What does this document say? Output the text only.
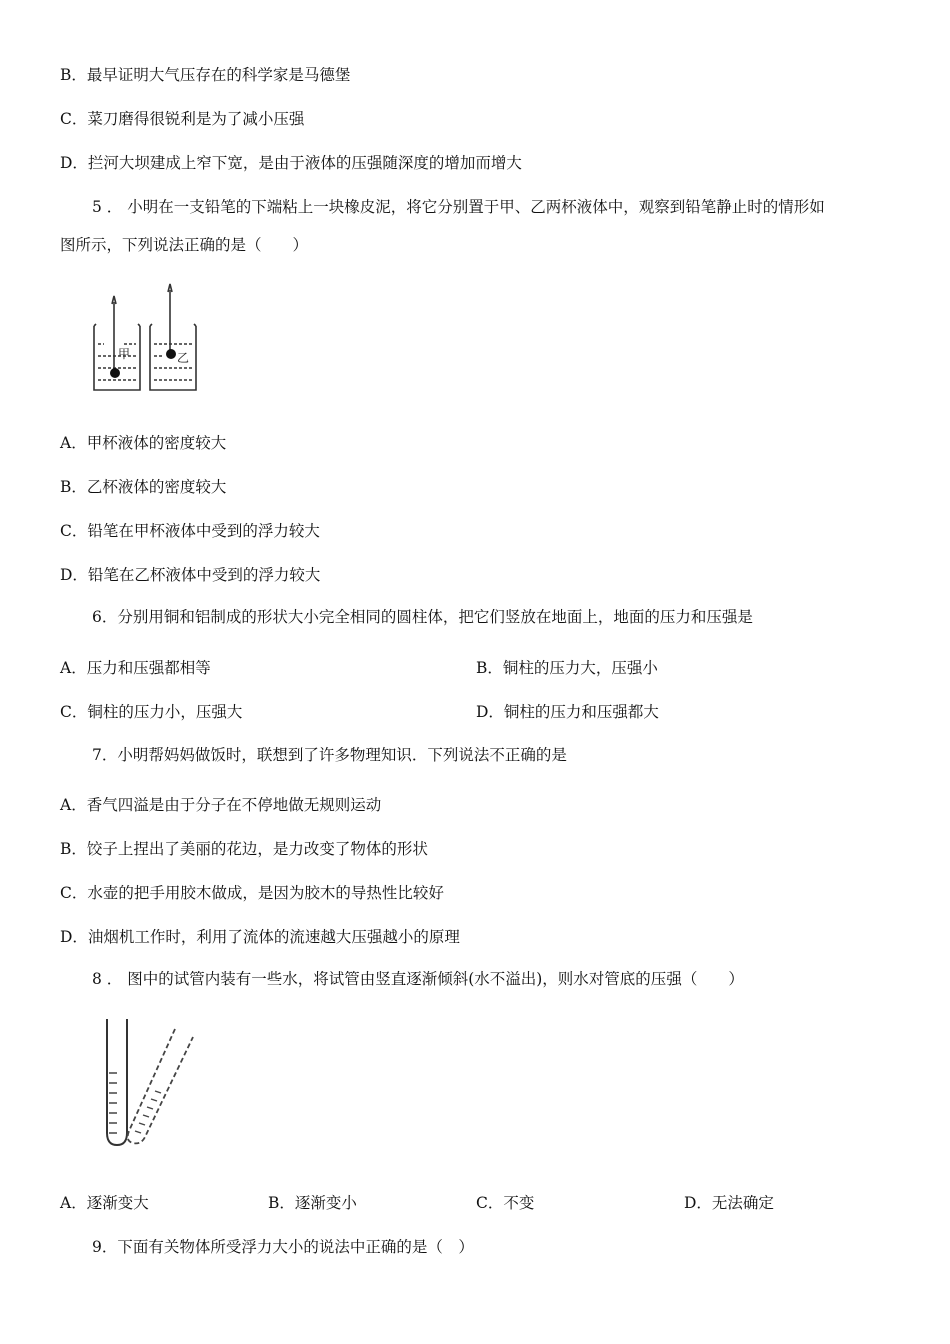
B．最早证明大气压存在的科学家是马德堡
C．菜刀磨得很锐利是为了减小压强
D．拦河大坝建成上窄下宽，是由于液体的压强随深度的增加而增大
5 ． 小明在一支铅笔的下端粘上一块橡皮泥，将它分别置于甲、乙两杯液体中，观察到铅笔静止时的情形如
图所示，下列说法正确的是（　　）
甲	乙
A．甲杯液体的密度较大
B．乙杯液体的密度较大
C．铅笔在甲杯液体中受到的浮力较大
D．铅笔在乙杯液体中受到的浮力较大
6．分别用铜和铝制成的形状大小完全相同的圆柱体，把它们竖放在地面上，地面的压力和压强是
A．压力和压强都相等	B．铜柱的压力大，压强小
C．铜柱的压力小，压强大	D．铜柱的压力和压强都大
7．小明帮妈妈做饭时，联想到了许多物理知识．下列说法不正确的是
A．香气四溢是由于分子在不停地做无规则运动
B．饺子上捏出了美丽的花边，是力改变了物体的形状
C．水壶的把手用胶木做成，是因为胶木的导热性比较好
D．油烟机工作时，利用了流体的流速越大压强越小的原理
8 ． 图中的试管内装有一些水，将试管由竖直逐渐倾斜(水不溢出)，则水对管底的压强（　　）
A．逐渐变大	B．逐渐变小	C．不变	D．无法确定
9．下面有关物体所受浮力大小的说法中正确的是（　）
